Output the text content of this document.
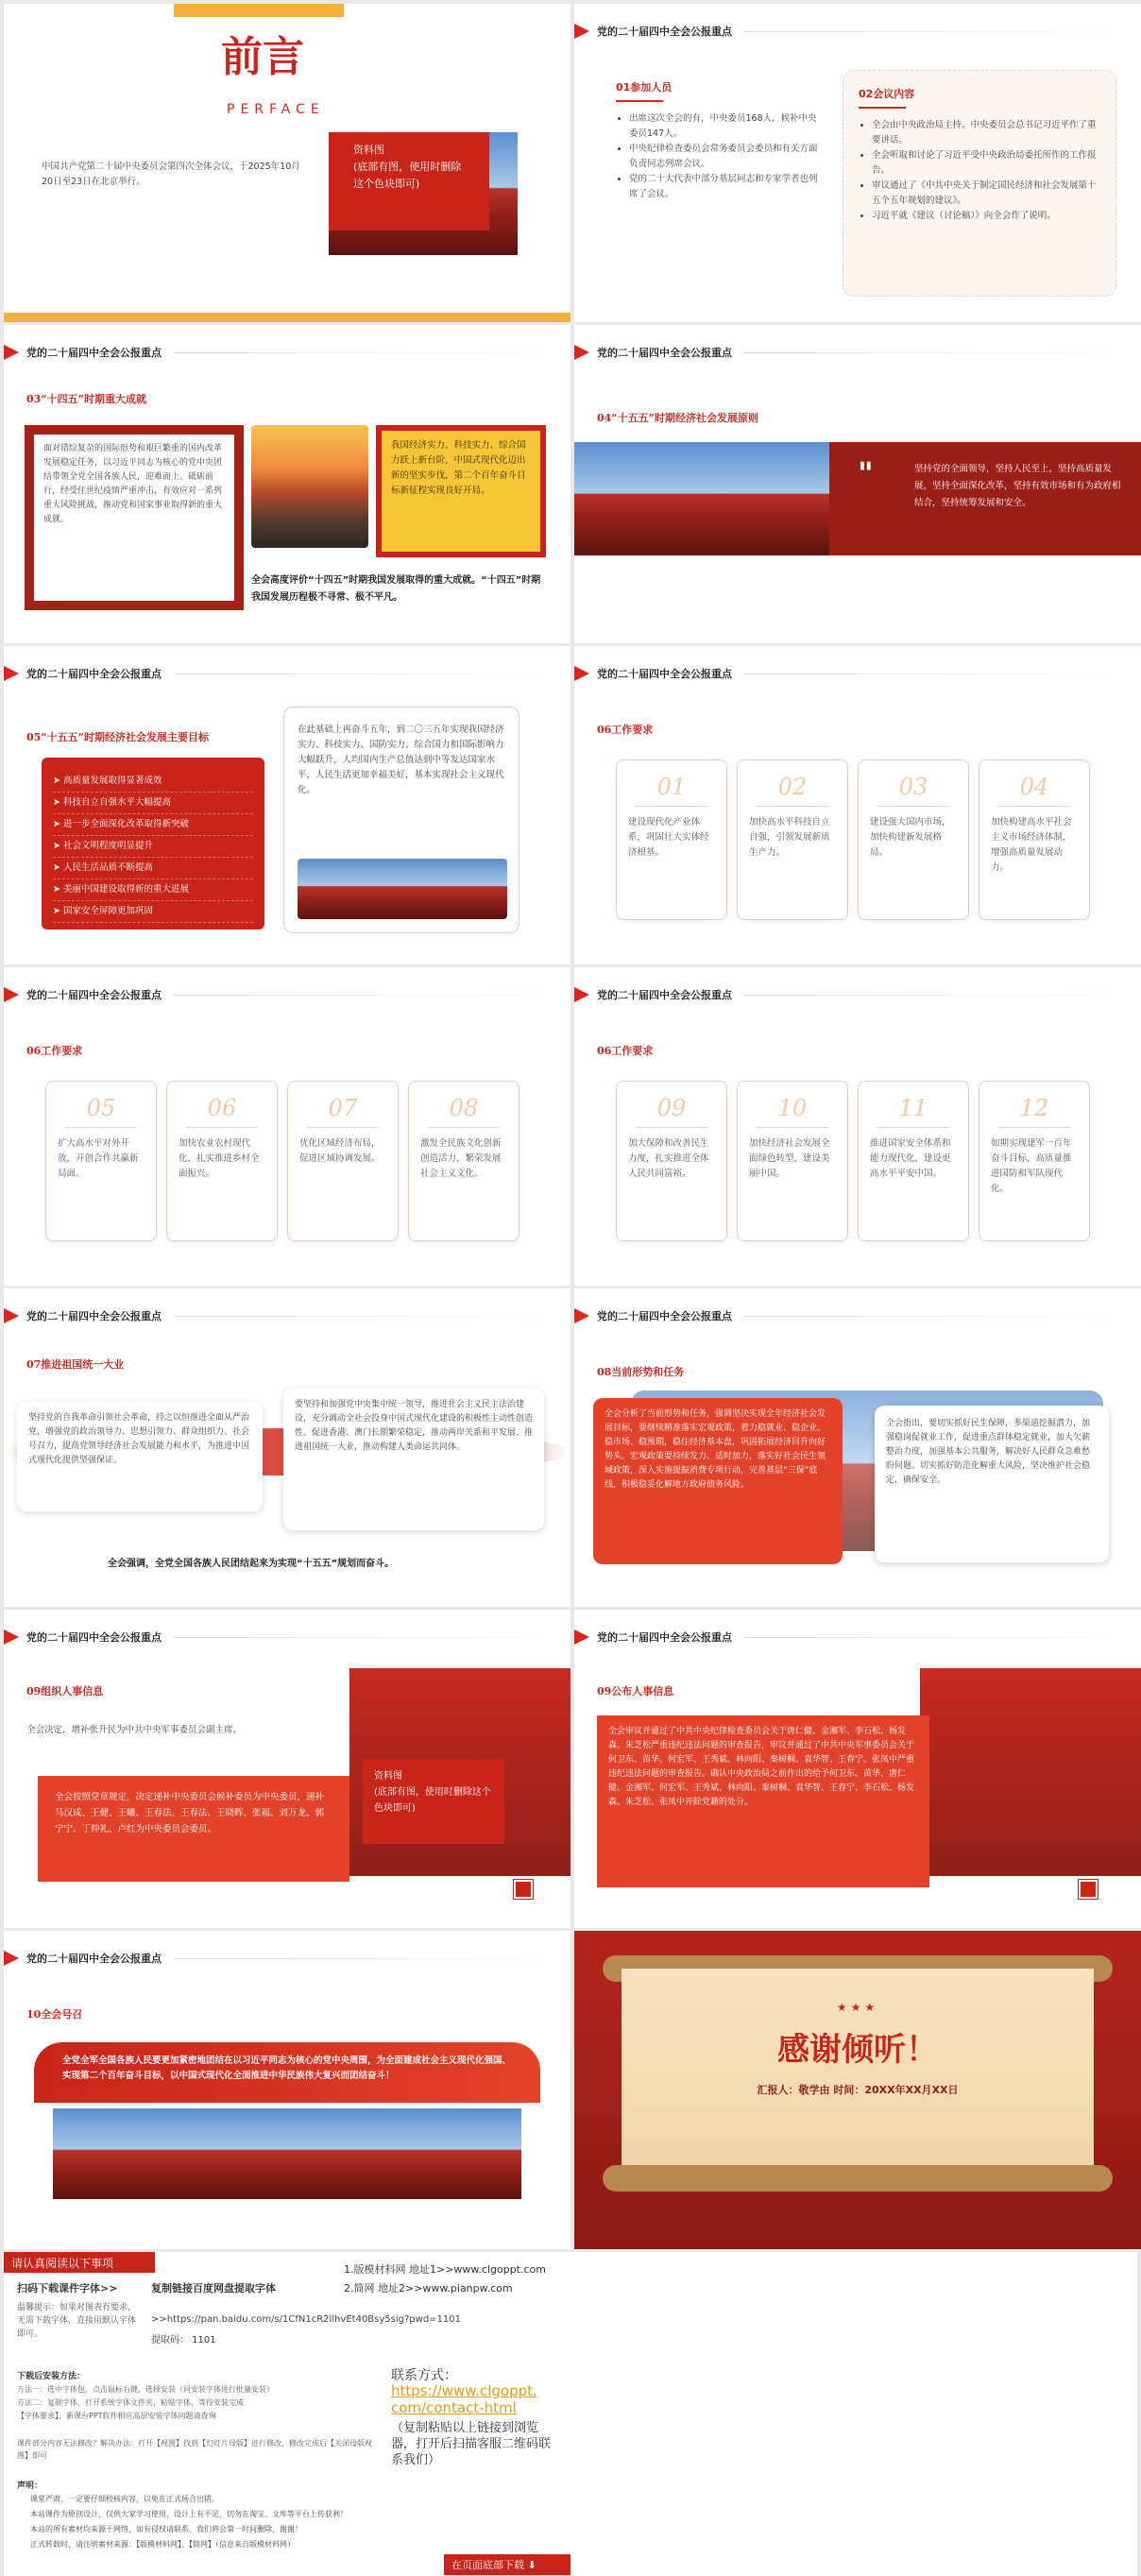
前言
PERFACE
中国共产党第二十届中央委员会第四次全体会议，于2025年10月20日至23日在北京举行。
资料图
(底部有图，使用时删除这个色块即可)
党的二十届四中全会公报重点
01参加人员
• 出席这次全会的有，中央委员168人，候补中央委员147人。
• 中央纪律检查委员会常务委员会委员和有关方面负责同志列席会议。
• 党的二十大代表中部分基层同志和专家学者也列席了会议。
02会议内容
• 全会由中央政治局主持。中央委员会总书记习近平作了重要讲话。
• 全会听取和讨论了习近平受中央政治局委托所作的工作报告。
• 审议通过了《中共中央关于制定国民经济和社会发展第十五个五年规划的建议》。
• 习近平就《建议（讨论稿）》向全会作了说明。
党的二十届四中全会公报重点
03“十四五”时期重大成就
面对错综复杂的国际形势和艰巨繁重的国内改革发展稳定任务，以习近平同志为核心的党中央团结带领全党全国各族人民，迎难而上、砥砺前行，经受住世纪疫情严重冲击，有效应对一系列重大风险挑战，推动党和国家事业取得新的重大成就。
我国经济实力、科技实力、综合国力跃上新台阶，中国式现代化迈出新的坚实步伐，第二个百年奋斗目标新征程实现良好开局。
全会高度评价“十四五”时期我国发展取得的重大成就。“十四五”时期我国发展历程极不寻常、极不平凡。
党的二十届四中全会公报重点
04“十五五”时期经济社会发展原则
"	坚持党的全面领导，坚持人民至上，坚持高质量发展，坚持全面深化改革，坚持有效市场和有为政府相结合，坚持统筹发展和安全。
党的二十届四中全会公报重点
05“十五五”时期经济社会发展主要目标
➤ 高质量发展取得显著成效
➤ 科技自立自强水平大幅提高
➤ 进一步全面深化改革取得新突破
➤ 社会文明程度明显提升
➤ 人民生活品质不断提高
➤ 美丽中国建设取得新的重大进展
➤ 国家安全屏障更加巩固
在此基础上再奋斗五年，到二〇三五年实现我国经济实力、科技实力、国防实力、综合国力和国际影响力大幅跃升，人均国内生产总值达到中等发达国家水平，人民生活更加幸福美好，基本实现社会主义现代化。
党的二十届四中全会公报重点
06工作要求
01
建设现代化产业体系，巩固壮大实体经济根基。
02
加快高水平科技自立自强，引领发展新质生产力。
03
建设强大国内市场，加快构建新发展格局。
04
加快构建高水平社会主义市场经济体制，增强高质量发展动力。
党的二十届四中全会公报重点
06工作要求
05
扩大高水平对外开放，开创合作共赢新局面。
06
加快农业农村现代化，扎实推进乡村全面振兴。
07
优化区域经济布局，促进区域协调发展。
08
激发全民族文化创新创造活力，繁荣发展社会主义文化。
党的二十届四中全会公报重点
06工作要求
09
加大保障和改善民生力度，扎实推进全体人民共同富裕。
10
加快经济社会发展全面绿色转型，建设美丽中国。
11
推进国家安全体系和能力现代化，建设更高水平平安中国。
12
如期实现建军一百年奋斗目标，高质量推进国防和军队现代化。
党的二十届四中全会公报重点
07推进祖国统一大业
坚持党的自我革命引领社会革命，持之以恒推进全面从严治党，增强党的政治领导力、思想引领力、群众组织力、社会号召力，提高党领导经济社会发展能力和水平，为推进中国式现代化提供坚强保证。
要坚持和加强党中央集中统一领导，推进社会主义民主法治建设，充分调动全社会投身中国式现代化建设的积极性主动性创造性。促进香港、澳门长期繁荣稳定，推动两岸关系和平发展、推进祖国统一大业，推动构建人类命运共同体。
全会强调，全党全国各族人民团结起来为实现“十五五”规划而奋斗。
党的二十届四中全会公报重点
08当前形势和任务
全会分析了当前形势和任务，强调坚决实现全年经济社会发展目标，要继续精准落实宏观政策，着力稳就业、稳企业、稳市场、稳预期，稳住经济基本盘，巩固拓展经济回升向好势头。宏观政策要持续发力、适时加力，落实好社会民生领域政策，深入实施提振消费专项行动，完善基层“三保”底线，积极稳妥化解地方政府债务风险。
全会指出，要切实抓好民生保障，多渠道挖掘潜力，加强稳岗促就业工作，促进重点群体稳定就业，加大欠薪整治力度，加强基本公共服务，解决好人民群众急难愁盼问题。切实抓好防范化解重大风险，坚决维护社会稳定，确保安全。
党的二十届四中全会公报重点
09组织人事信息
全会决定，增补张升民为中共中央军事委员会副主席。
全会按照党章规定，决定递补中央委员会候补委员为中央委员，递补马汉成、王健、王曦、王春法、王春法、王晓晖、张福、刘万龙、郭宁宁、丁仲礼、卢红为中央委员会委员。
资料图
(底部有图，使用时删除这个色块即可)
党的二十届四中全会公报重点
09公布人事信息
全会审议并通过了中共中央纪律检查委员会关于唐仁健、金湘军、李石松、杨发森、朱芝松严重违纪违法问题的审查报告，审议并通过了中共中央军事委员会关于何卫东、苗华、何宏军、王秀斌、林向阳、秦树桐、袁华智、王春宁、张凤中严重违纪违法问题的审查报告。确认中央政治局之前作出的给予何卫东、苗华、唐仁健、金湘军、何宏军、王秀斌、林向阳、秦树桐、袁华智、王春宁、李石松、杨发森、朱芝松、张凤中开除党籍的处分。
党的二十届四中全会公报重点
10全会号召
全党全军全国各族人民要更加紧密地团结在以习近平同志为核心的党中央周围，为全面建成社会主义现代化强国、实现第二个百年奋斗目标，以中国式现代化全面推进中华民族伟大复兴而团结奋斗！
★★★
感谢倾听！
汇报人：敬学由 时间：20XX年XX月XX日
请认真阅读以下事项
扫码下载课件字体>>
温馨提示：如果对图表有要求，无需下载字体，直接用默认字体即可。
复制链接百度网盘提取字体
>>https://pan.baidu.com/s/1CfN1cR2llhvEt40Bsy5sig?pwd=1101
提取码： 1101
1.版模材料网 地址1>>www.clgoppt.com
2.简网 地址2>>www.pianpw.com
联系方式：
https://www.clgoppt.com/contact-html
（复制粘贴以上链接到浏览器，打开后扫描客服二维码联系我们）
下载后安装方法：
方法一：选中字体包，点击鼠标右键，选择安装（同安装字体进行批量安装）
方法二：复制字体，打开系统字体文件夹，粘贴字体，等待安装完成
【字体要求】、新课台PPT软件相应高层安装字体问题请查询
课件部分内容无法修改？解决办法：打开【视图】找到【幻灯片母版】进行修改，修改完成后【关闭母版视图】即可
声明：
课堂严肃，一定要仔细校核内容，以免在正式场合出错。
本站课件为原创设计，仅供大家学习使用，设计上有不足，切勿在淘宝、文库等平台上传获利！
本站的所有素材均来源于网络，如有侵权请联系，我们将会第一时间删除，谢谢！
正式转载时，请注明素材来源：【版模材料网】、【简网】（信息来自版模材料网）
在页面底部下载 ⬇
